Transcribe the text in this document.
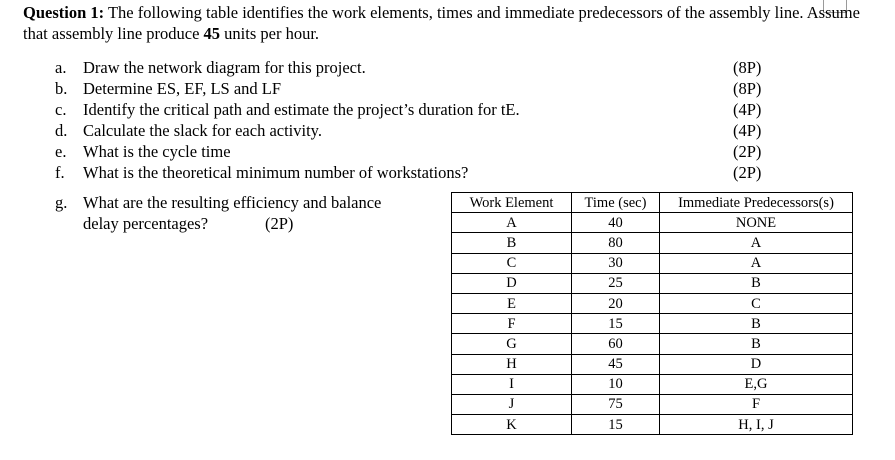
Question 1: The following table identifies the work elements, times and immediate predecessors of the assembly line. Assume that assembly line produce 45 units per hour.
a.	Draw the network diagram for this project.	(8P)
b. Determine ES, EF, LS and LF	(8P)
c.	Identify the critical path and estimate the project’s duration for tE.	(4P)
d. Calculate the slack for each activity.	(4P)
e.	What is the cycle time	(2P)
f.	What is the theoretical minimum number of workstations?	(2P)
g. What are the resulting efficiency and balance
delay percentages?	(2P)
Work Element	Time (sec)	Immediate Predecessors(s)
A	40	NONE
B	80	A
C	30	A
D	25	B
E	20	C
F	15	B
G	60	B
H	45	D
I	10	E,G
J	75	F
K	15	H, I, J
